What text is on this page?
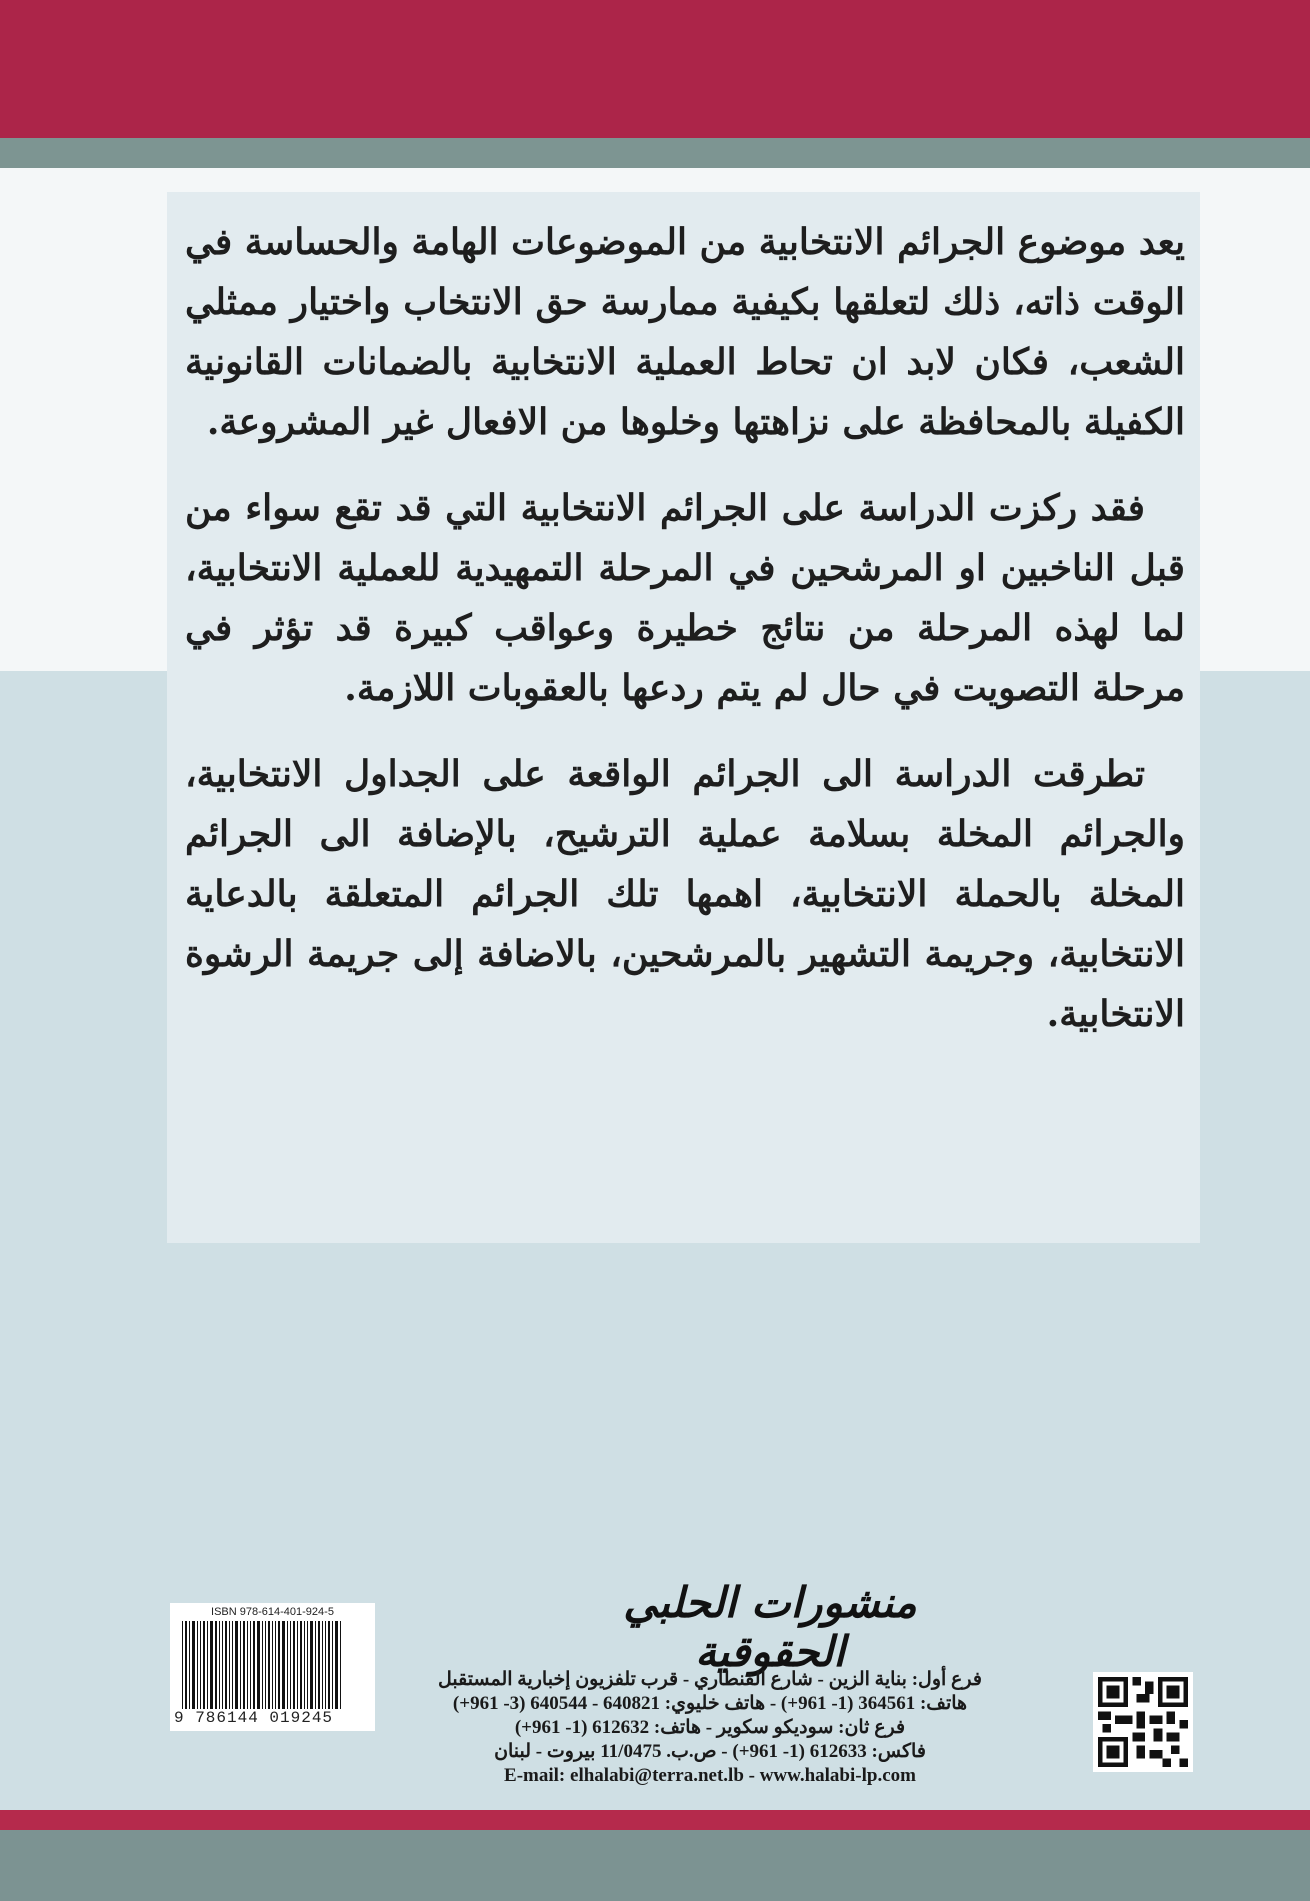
يعد موضوع الجرائم الانتخابية من الموضوعات الهامة والحساسة في الوقت ذاته، ذلك لتعلقها بكيفية ممارسة حق الانتخاب واختيار ممثلي الشعب، فكان لابد ان تحاط العملية الانتخابية بالضمانات القانونية الكفيلة بالمحافظة على نزاهتها وخلوها من الافعال غير المشروعة.

فقد ركزت الدراسة على الجرائم الانتخابية التي قد تقع سواء من قبل الناخبين او المرشحين في المرحلة التمهيدية للعملية الانتخابية، لما لهذه المرحلة من نتائج خطيرة وعواقب كبيرة قد تؤثر في مرحلة التصويت في حال لم يتم ردعها بالعقوبات اللازمة.

تطرقت الدراسة الى الجرائم الواقعة على الجداول الانتخابية، والجرائم المخلة بسلامة عملية الترشيح، بالإضافة الى الجرائم المخلة بالحملة الانتخابية، اهمها تلك الجرائم المتعلقة بالدعاية الانتخابية، وجريمة التشهير بالمرشحين، بالاضافة إلى جريمة الرشوة الانتخابية.

ISBN 978-614-401-924-5
9 786144 019245
منشورات الحلبي الحقوقية
فرع أول: بناية الزين - شارع القنطاري - قرب تلفزيون إخبارية المستقبل
هاتف: 364561 (1- 961+) - هاتف خليوي: 640821 - 640544 (3- 961+)
فرع ثان: سوديكو سكوير - هاتف: 612632 (1- 961+)
فاكس: 612633 (1- 961+) - ص.ب. 11/0475 بيروت - لبنان
E-mail: elhalabi@terra.net.lb - www.halabi-lp.com
